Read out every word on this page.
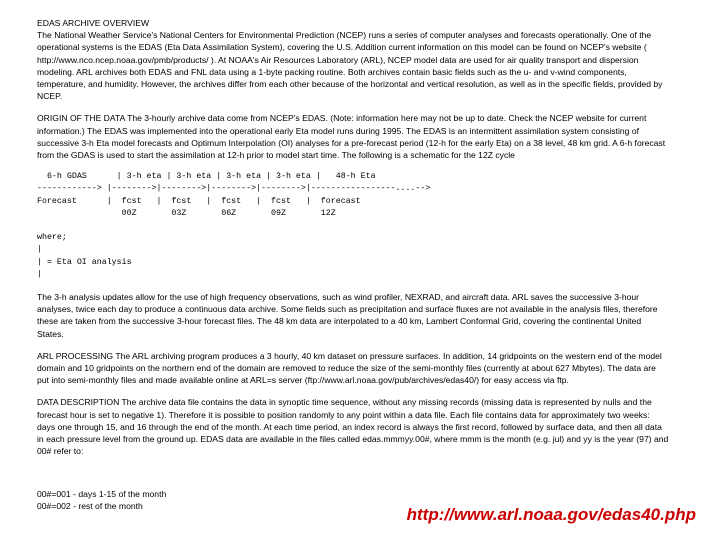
EDAS ARCHIVE OVERVIEW
The National Weather Service's National Centers for Environmental Prediction (NCEP) runs a series of computer analyses and forecasts operationally. One of the operational systems is the EDAS (Eta Data Assimilation System), covering the U.S. Addition current information on this model can be found on NCEP's website ( http://www.nco.ncep.noaa.gov/pmb/products/ ). At NOAA's Air Resources Laboratory (ARL), NCEP model data are used for air quality transport and dispersion modeling. ARL archives both EDAS and FNL data using a 1-byte packing routine. Both archives contain basic fields such as the u- and v-wind components, temperature, and humidity. However, the archives differ from each other because of the horizontal and vertical resolution, as well as in the specific fields, provided by NCEP.

ORIGIN OF THE DATA The 3-hourly archive data come from NCEP's EDAS. (Note: information here may not be up to date. Check the NCEP website for current information.) The EDAS was implemented into the operational early Eta model runs during 1995. The EDAS is an intermittent assimilation system consisting of successive 3-h Eta model forecasts and Optimum Interpolation (OI) analyses for a pre-forecast period (12-h for the early Eta) on a 38 level, 48 km grid. A 6-h forecast from the GDAS is used to start the assimilation at 12-h prior to model start time. The following is a schematic for the 12Z cycle

6-h GDAS      | 3-h eta | 3-h eta | 3-h eta | 3-h eta |   48-h Eta
------------> |-------->|-------->|-------->|-------->|-----------------....-->
Forecast      |  fcst   |  fcst   |  fcst   |  fcst   |  forecast
00Z       03Z       06Z       09Z       12Z

where;
|
| = Eta OI analysis
|

The 3-h analysis updates allow for the use of high frequency observations, such as wind profiler, NEXRAD, and aircraft data. ARL saves the successive 3-hour analyses, twice each day to produce a continuous data archive. Some fields such as precipitation and surface fluxes are not available in the analysis files, therefore these are taken from the successive 3-hour forecast files. The 48 km data are interpolated to a 40 km, Lambert Conformal Grid, covering the continental United States.

ARL PROCESSING The ARL archiving program produces a 3 hourly, 40 km dataset on pressure surfaces. In addition, 14 gridpoints on the western end of the model domain and 10 gridpoints on the northern end of the domain are removed to reduce the size of the semi-monthly files (currently at about 627 Mbytes). The data are put into semi-monthly files and made available online at ARL=s server (ftp://www.arl.noaa.gov/pub/archives/edas40/) for easy access via ftp.

DATA DESCRIPTION The archive data file contains the data in synoptic time sequence, without any missing records (missing data is represented by nulls and the forecast hour is set to negative 1). Therefore it is possible to position randomly to any point within a data file. Each file contains data for approximately two weeks: days one through 15, and 16 through the end of the month. At each time period, an index record is always the first record, followed by surface data, and then all data in each pressure level from the ground up. EDAS data are available in the files called edas.mmmyy.00#, where mmm is the month (e.g. jul) and yy is the year (97) and 00# refer to:

00#=001 - days 1-15 of the month
00#=002 - rest of the month	http://www.arl.noaa.gov/edas40.php
